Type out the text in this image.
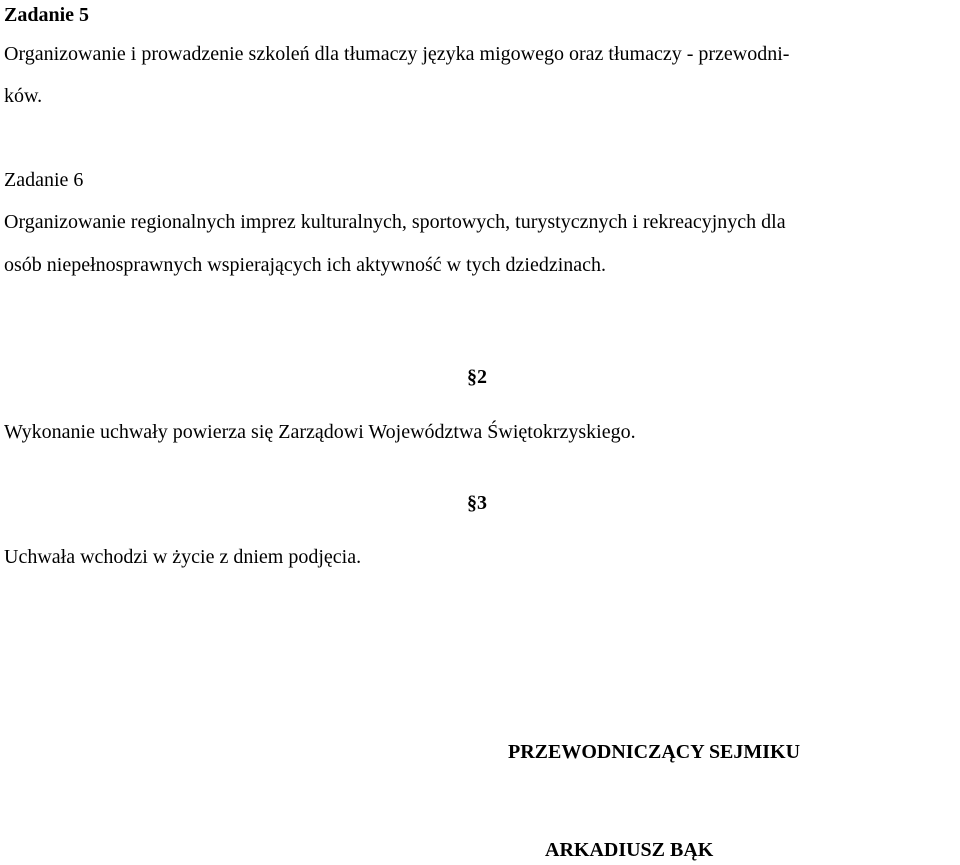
Zadanie 5
Organizowanie i prowadzenie szkoleń dla tłumaczy języka migowego oraz tłumaczy - przewodni-
ków.
Zadanie 6
Organizowanie regionalnych imprez kulturalnych, sportowych, turystycznych i rekreacyjnych dla
osób niepełnosprawnych wspierających ich aktywność w tych dziedzinach.
§2
Wykonanie uchwały powierza się Zarządowi Województwa Świętokrzyskiego.
§3
Uchwała wchodzi w życie z dniem podjęcia.
PRZEWODNICZĄCY SEJMIKU
ARKADIUSZ BĄK
